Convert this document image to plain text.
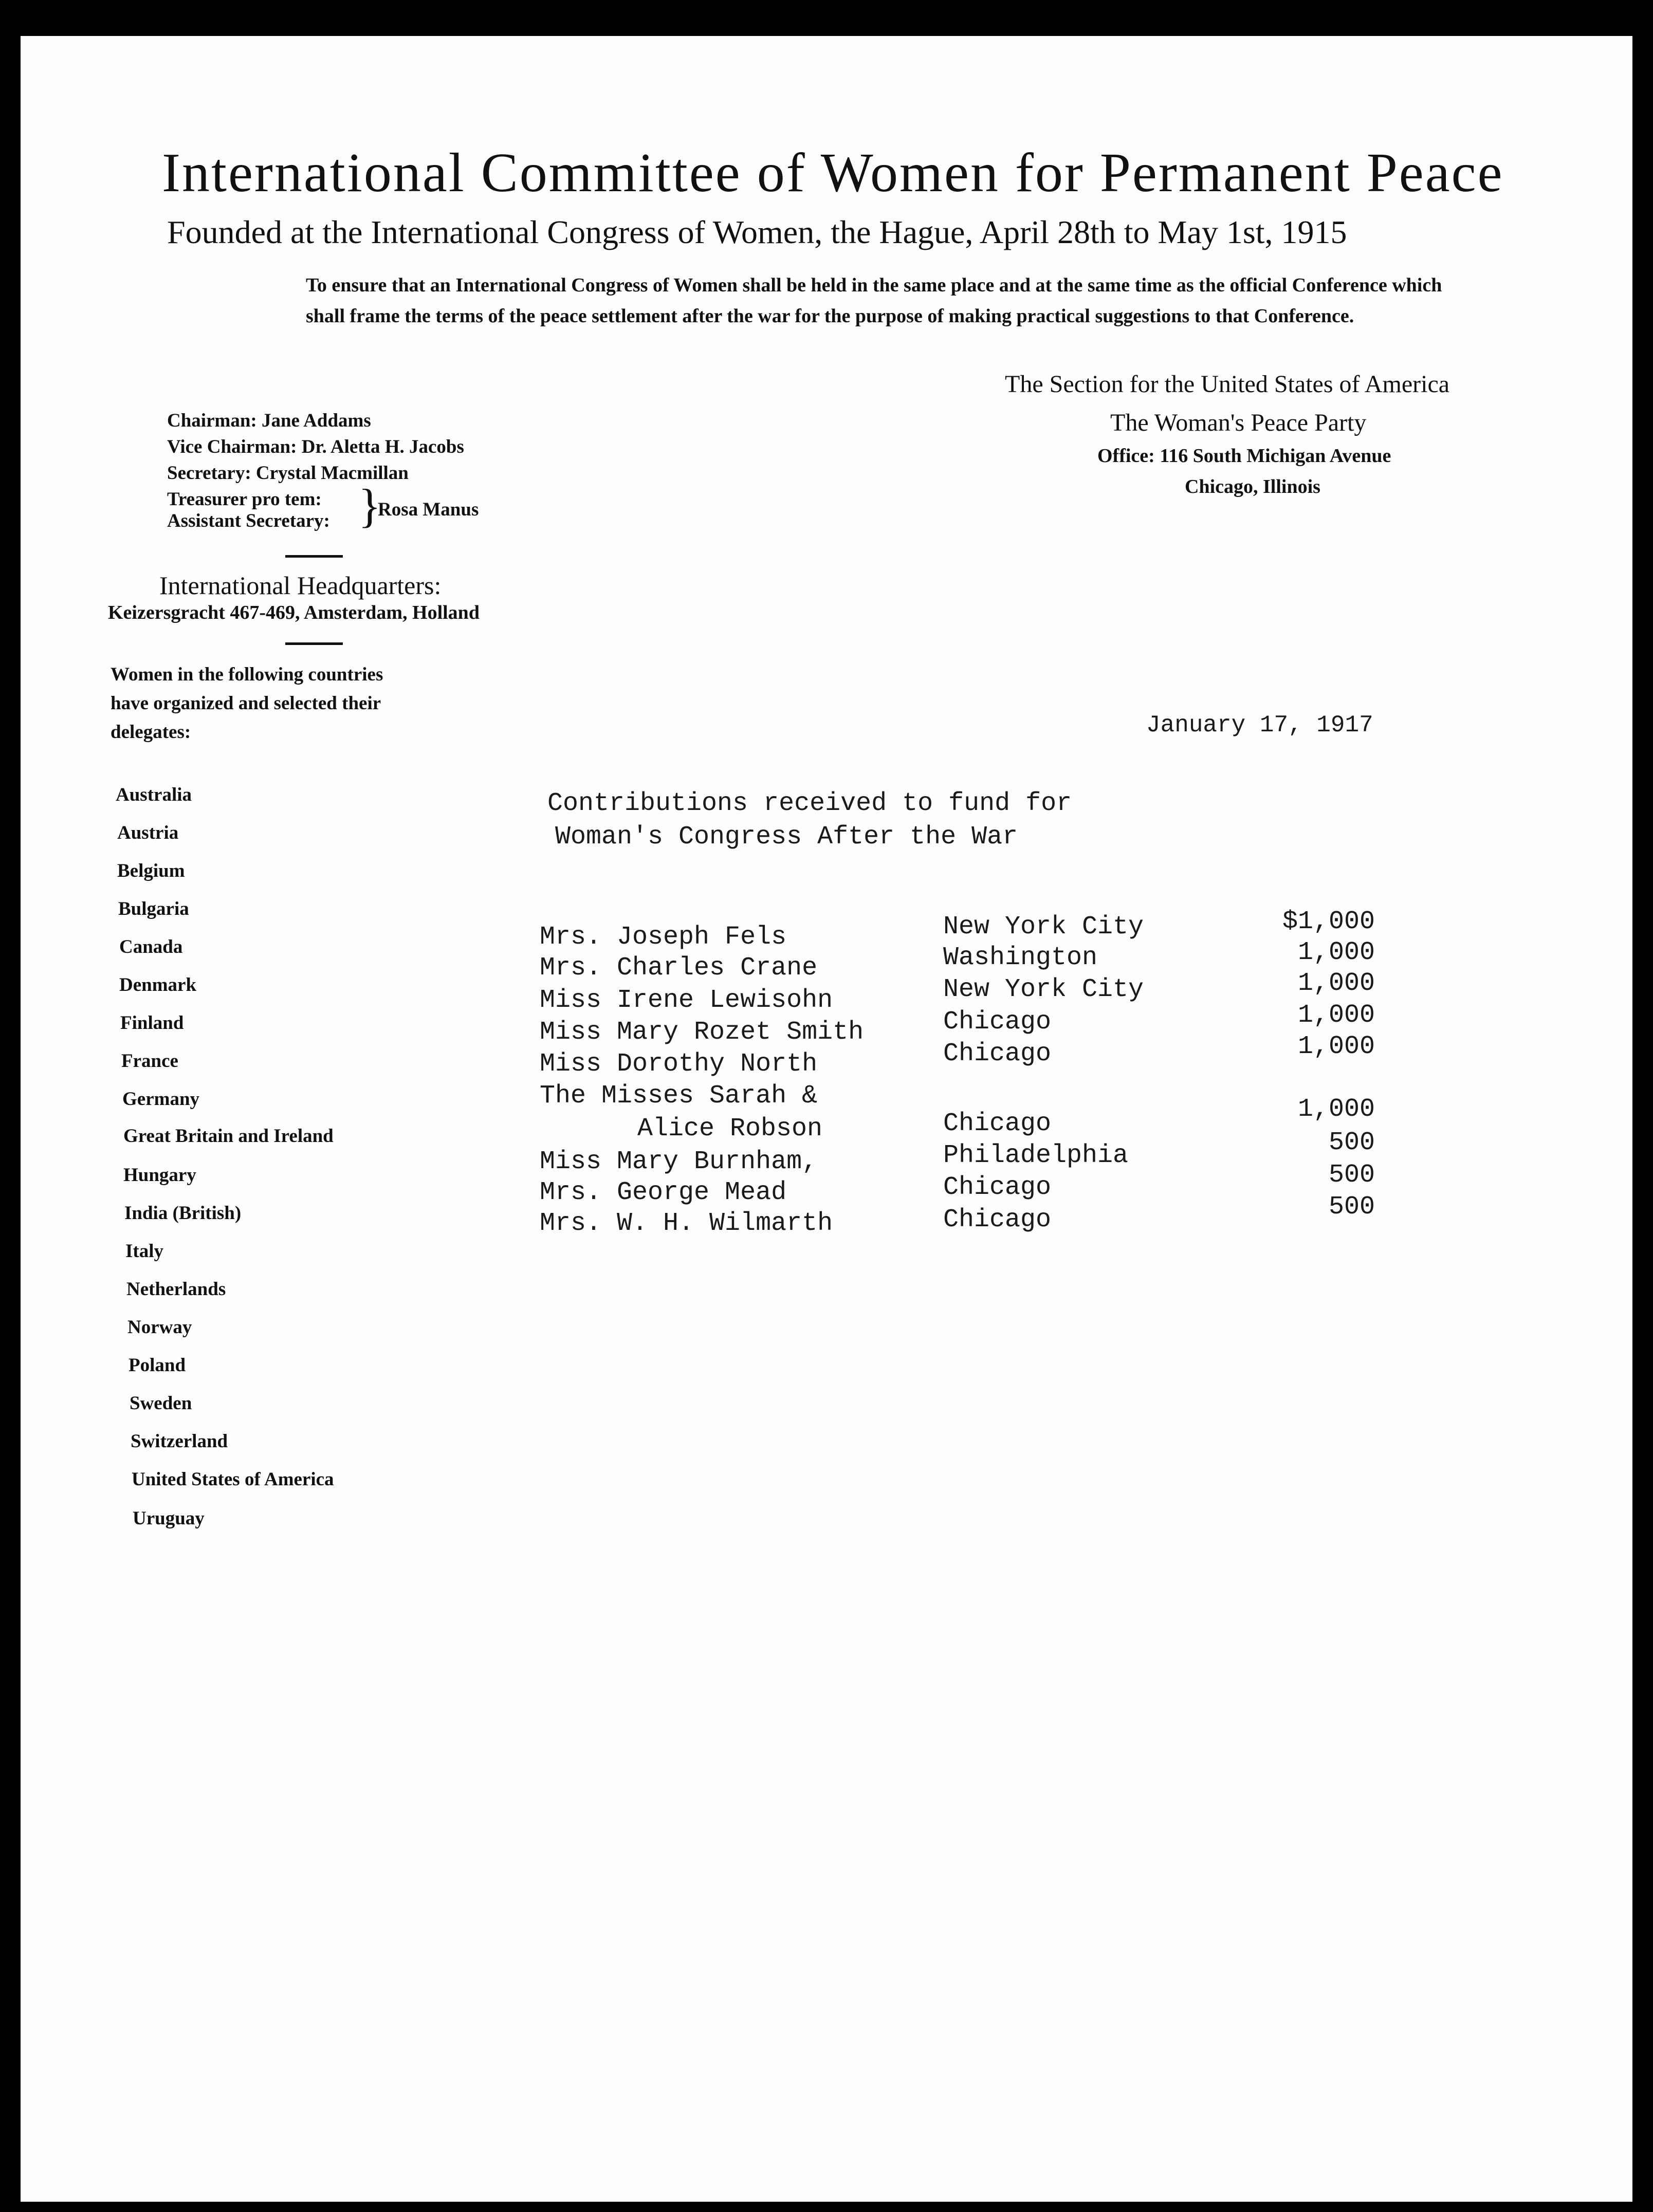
International Committee of Women for Permanent Peace
Founded at the International Congress of Women, the Hague, April 28th to May 1st, 1915
To ensure that an International Congress of Women shall be held in the same place and at the same time as the official Conference which shall frame the terms of the peace settlement after the war for the purpose of making practical suggestions to that Conference.
Chairman: Jane Addams
Vice Chairman: Dr. Aletta H. Jacobs
Secretary: Crystal Macmillan
Treasurer pro tem:
Assistant Secretary: }
Rosa Manus
International Headquarters:
Keizersgracht 467-469, Amsterdam, Holland
Women in the following countries
have organized and selected their
delegates:
Australia
Austria
Belgium
Bulgaria
Canada
Denmark
Finland
France
Germany
Great Britain and Ireland
Hungary
India (British)
Italy
Netherlands
Norway
Poland
Sweden
Switzerland
United States of America
Uruguay
The Section for the United States of America
The Woman's Peace Party
Office: 116 South Michigan Avenue
Chicago, Illinois
January 17, 1917
Contributions received to fund for
Woman's Congress After the War
Mrs. Joseph Fels	New York City	$1,000
Mrs. Charles Crane	Washington	1,000
Miss Irene Lewisohn	New York City	1,000
Miss Mary Rozet Smith	Chicago	1,000
Miss Dorothy North	Chicago	1,000
The Misses Sarah &
Alice Robson	Chicago	1,000
Miss Mary Burnham,	Philadelphia	500
Mrs. George Mead	Chicago	500
Mrs. W. H. Wilmarth	Chicago	500
